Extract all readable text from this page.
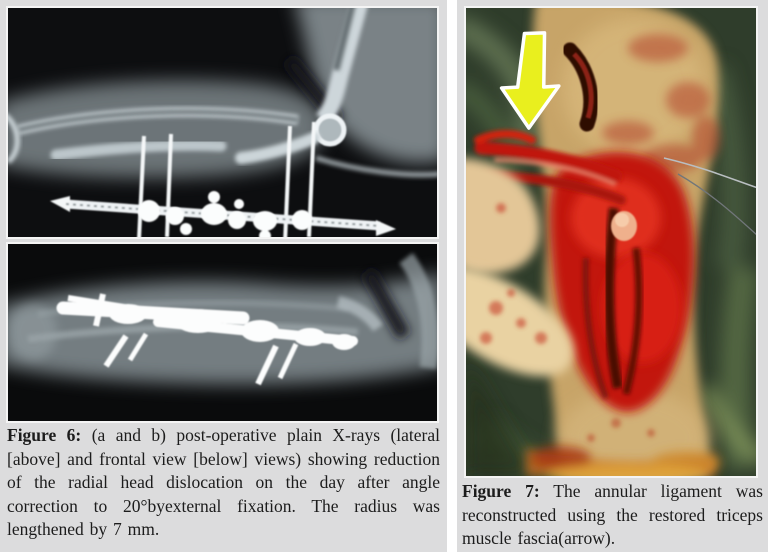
Figure 6: (a and b) post-operative plain X-rays (lateral [above] and frontal view [below] views) showing reduction of the radial head dislocation on the day after angle correction to 20°byexternal fixation. The radius was lengthened by 7 mm.
Figure 7: The annular ligament was reconstructed using the restored triceps muscle fascia(arrow).
